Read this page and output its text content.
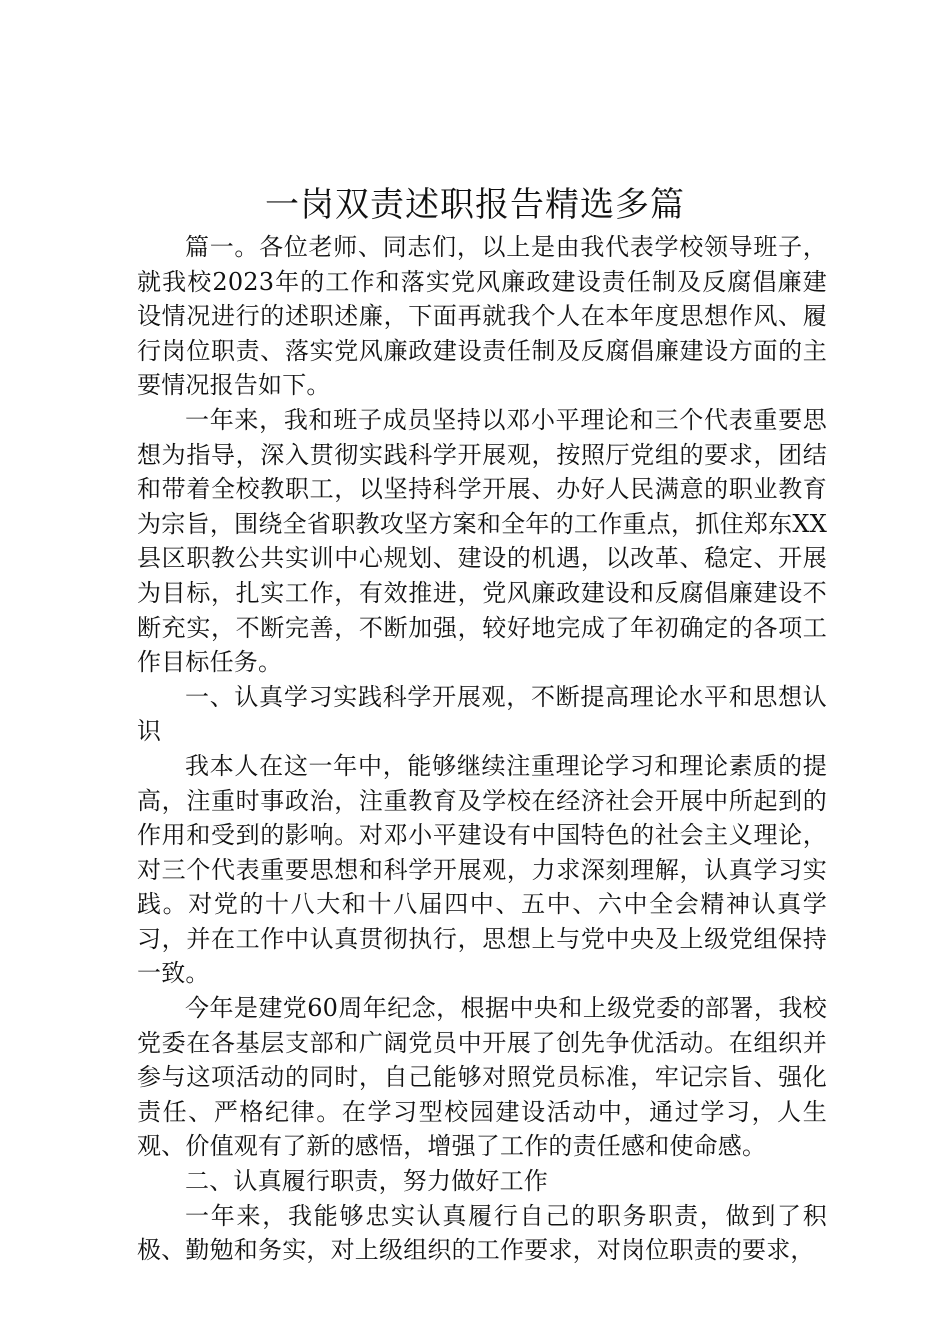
一岗双责述职报告精选多篇

篇一。各位老师、同志们，以上是由我代表学校领导班子，就我校2023年的工作和落实党风廉政建设责任制及反腐倡廉建设情况进行的述职述廉，下面再就我个人在本年度思想作风、履行岗位职责、落实党风廉政建设责任制及反腐倡廉建设方面的主要情况报告如下。

一年来，我和班子成员坚持以邓小平理论和三个代表重要思想为指导，深入贯彻实践科学开展观，按照厅党组的要求，团结和带着全校教职工，以坚持科学开展、办好人民满意的职业教育为宗旨，围绕全省职教攻坚方案和全年的工作重点，抓住郑东XX县区职教公共实训中心规划、建设的机遇，以改革、稳定、开展为目标，扎实工作，有效推进，党风廉政建设和反腐倡廉建设不断充实，不断完善，不断加强，较好地完成了年初确定的各项工作目标任务。

一、认真学习实践科学开展观，不断提高理论水平和思想认识

我本人在这一年中，能够继续注重理论学习和理论素质的提高，注重时事政治，注重教育及学校在经济社会开展中所起到的作用和受到的影响。对邓小平建设有中国特色的社会主义理论，对三个代表重要思想和科学开展观，力求深刻理解，认真学习实践。对党的十八大和十八届四中、五中、六中全会精神认真学习，并在工作中认真贯彻执行，思想上与党中央及上级党组保持一致。

今年是建党60周年纪念，根据中央和上级党委的部署，我校党委在各基层支部和广阔党员中开展了创先争优活动。在组织并参与这项活动的同时，自己能够对照党员标准，牢记宗旨、强化责任、严格纪律。在学习型校园建设活动中，通过学习，人生观、价值观有了新的感悟，增强了工作的责任感和使命感。

二、认真履行职责，努力做好工作

一年来，我能够忠实认真履行自己的职务职责，做到了积极、勤勉和务实，对上级组织的工作要求，对岗位职责的要求，
